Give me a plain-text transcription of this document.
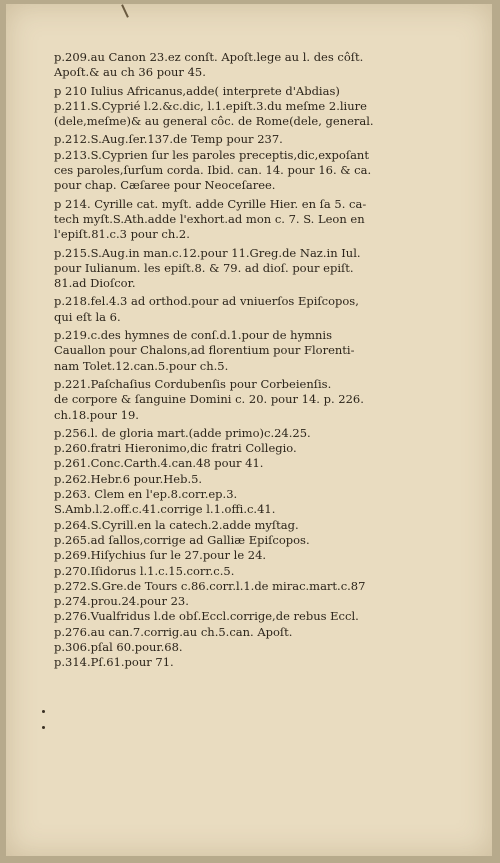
p.209.au Canon 23.ez conſt. Apoſt.lege au l. des côſt.
Apoſt.& au ch 36 pour 45.
p 210 Iulius Africanus,adde( interprete d'Abdias)
p.211.S.Cyprié l.2.&c.dic, l.1.epiſt.3.du meſme 2.liure
(dele,meſme)& au general côc. de Rome(dele, general.
p.212.S.Aug.ſer.137.de Temp pour 237.
p.213.S.Cyprien ſur les paroles preceptis,dic,expoſant
ces paroles,ſurſum corda. Ibid. can. 14. pour 16. & ca.
pour chap. Cæſaree pour Neoceſaree.
p 214. Cyrille cat. myſt. adde Cyrille Hier. en ſa 5. ca-
tech myſt.S.Ath.adde l'exhort.ad mon c. 7. S. Leon en
l'epiſt.81.c.3 pour ch.2.
p.215.S.Aug.in man.c.12.pour 11.Greg.de Naz.in Iul.
pour Iulianum. les epiſt.8. & 79. ad dioſ. pour epiſt.
81.ad Dioſcor.
p.218.fel.4.3 ad orthod.pour ad vniuerſos Epiſcopos,
qui eſt la 6.
p.219.c.des hymnes de conſ.d.1.pour de hymnis
Cauallon pour Chalons,ad florentium pour Florenti-
nam Tolet.12.can.5.pour ch.5.
p.221.Paſchaſius Cordubenſis pour Corbeienſis.
de corpore & ſanguine Domini c. 20. pour 14. p. 226.
ch.18.pour 19.
p.256.l. de gloria mart.(adde primo)c.24.25.
p.260.fratri Hieronimo,dic fratri Collegio.
p.261.Conc.Carth.4.can.48 pour 41.
p.262.Hebr.6 pour.Heb.5.
p.263. Clem en l'ep.8.corr.ep.3.
S.Amb.l.2.off.c.41.corrige l.1.offi.c.41.
p.264.S.Cyrill.en la catech.2.adde myſtag.
p.265.ad ſallos,corrige ad Galliæ Epiſcopos.
p.269.Hiſychius ſur le 27.pour le 24.
p.270.Iſidorus l.1.c.15.corr.c.5.
p.272.S.Gre.de Tours c.86.corr.l.1.de mirac.mart.c.87
p.274.prou.24.pour 23.
p.276.Vualfridus l.de obſ.Eccl.corrige,de rebus Eccl.
p.276.au can.7.corrig.au ch.5.can. Apoſt.
p.306.pſal 60.pour.68.
p.314.Pſ.61.pour 71.
